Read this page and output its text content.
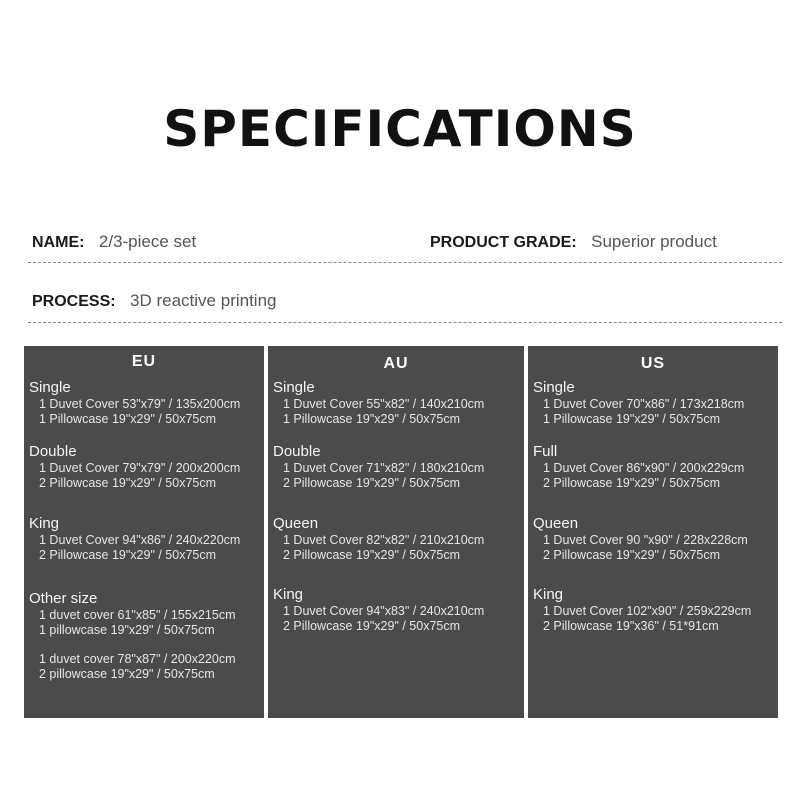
SPECIFICATIONS
NAME: 2/3-piece set	PRODUCT GRADE: Superior product
PROCESS: 3D reactive printing
EU
Single
1 Duvet Cover 53"x79" / 135x200cm
1 Pillowcase 19"x29" / 50x75cm
Double
1 Duvet Cover 79"x79" / 200x200cm
2 Pillowcase 19"x29" / 50x75cm
King
1 Duvet Cover 94"x86" / 240x220cm
2 Pillowcase 19"x29" / 50x75cm
Other size
1 duvet cover 61"x85" / 155x215cm
1 pillowcase 19"x29" / 50x75cm
1 duvet cover 78"x87" / 200x220cm
2 pillowcase 19"x29" / 50x75cm
AU
Single
1 Duvet Cover 55"x82" / 140x210cm
1 Pillowcase 19"x29" / 50x75cm
Double
1 Duvet Cover 71"x82" / 180x210cm
2 Pillowcase 19"x29" / 50x75cm
Queen
1 Duvet Cover 82"x82" / 210x210cm
2 Pillowcase 19"x29" / 50x75cm
King
1 Duvet Cover 94"x83" / 240x210cm
2 Pillowcase 19"x29" / 50x75cm
US
Single
1 Duvet Cover 70"x86" / 173x218cm
1 Pillowcase 19"x29" / 50x75cm
Full
1 Duvet Cover 86"x90" / 200x229cm
2 Pillowcase 19"x29" / 50x75cm
Queen
1 Duvet Cover 90 "x90" / 228x228cm
2 Pillowcase 19"x29" / 50x75cm
King
1 Duvet Cover 102"x90" / 259x229cm
2 Pillowcase 19"x36" / 51*91cm
